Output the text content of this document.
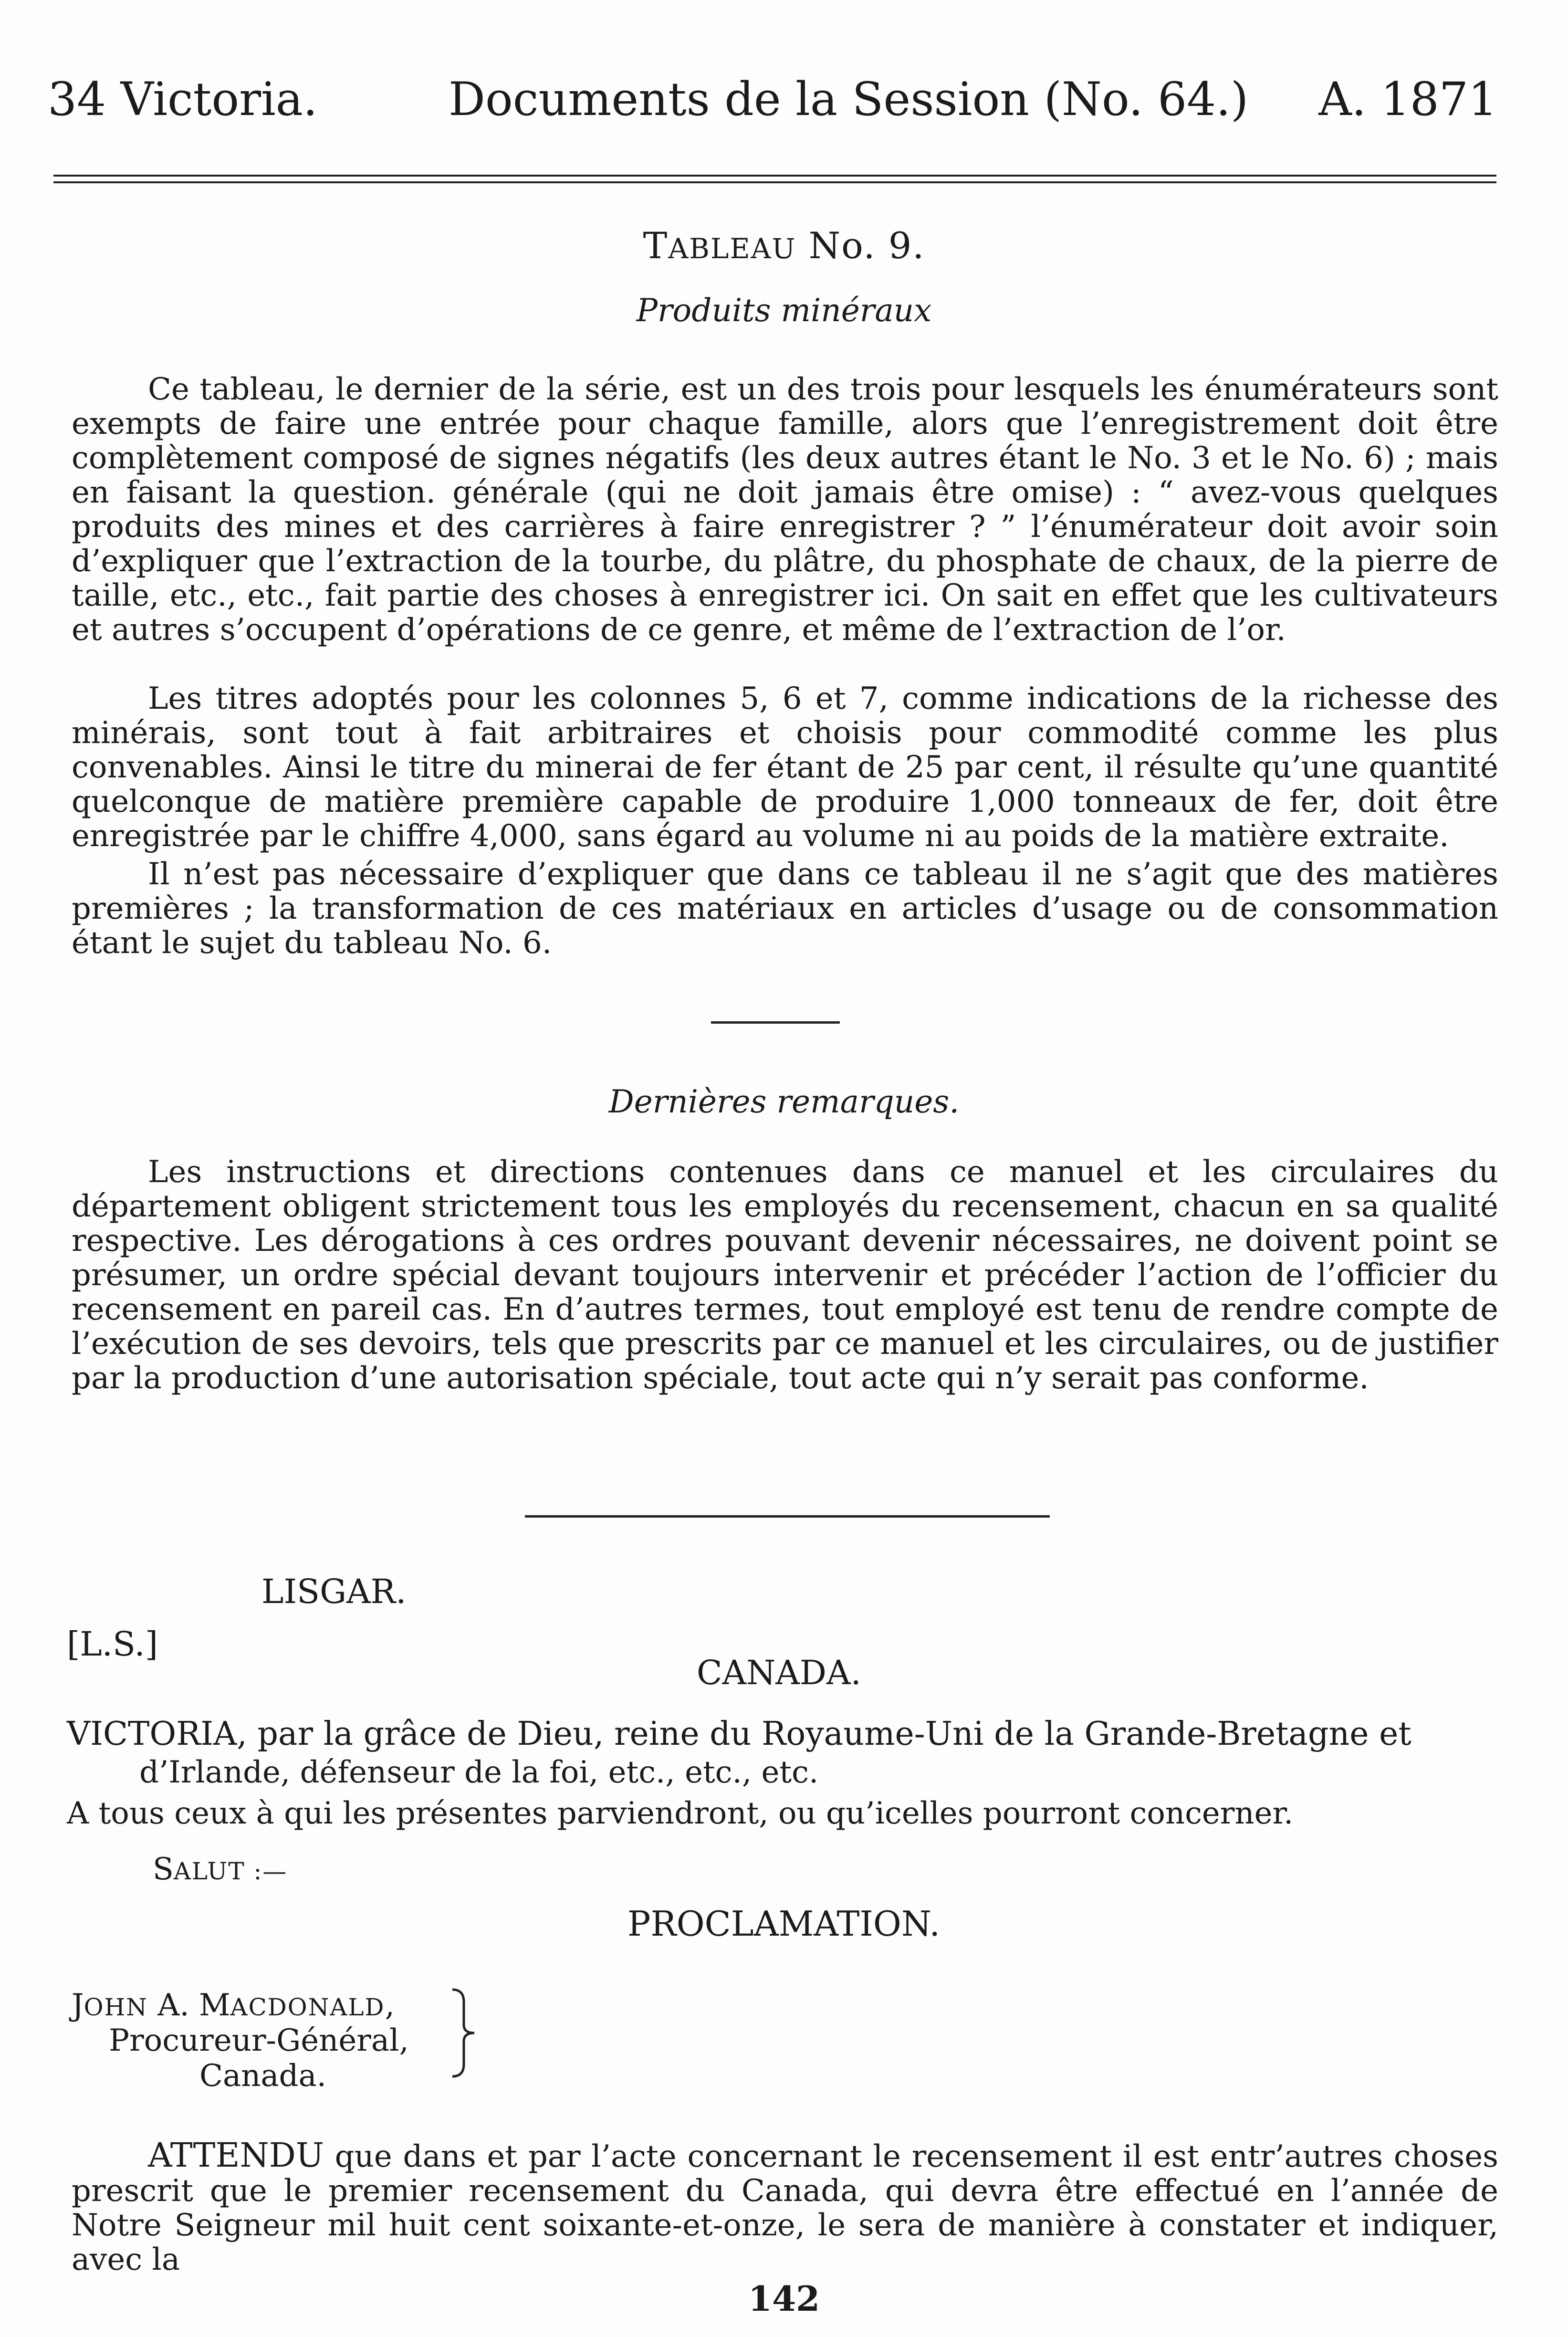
34 Victoria.	Documents de la Session (No. 64.) A. 1871
TABLEAU No. 9.
Produits minéraux

Ce tableau, le dernier de la série, est un des trois pour lesquels les énumérateurs sont exempts de faire une entrée pour chaque famille, alors que l’enregistrement doit être complètement composé de signes négatifs (les deux autres étant le No. 3 et le No. 6) ; mais en faisant la question. générale (qui ne doit jamais être omise) : “ avez-vous quelques produits des mines et des carrières à faire enregistrer ? ” l’énumérateur doit avoir soin d’expliquer que l’extraction de la tourbe, du plâtre, du phosphate de chaux, de la pierre de taille, etc., etc., fait partie des choses à enregistrer ici. On sait en effet que les cultivateurs et autres s’occupent d’opérations de ce genre, et même de l’extraction de l’or.

Les titres adoptés pour les colonnes 5, 6 et 7, comme indications de la richesse des minérais, sont tout à fait arbitraires et choisis pour commodité comme les plus convenables. Ainsi le titre du minerai de fer étant de 25 par cent, il résulte qu’une quantité quelconque de matière première capable de produire 1,000 tonneaux de fer, doit être enregistrée par le chiffre 4,000, sans égard au volume ni au poids de la matière extraite.

Il n’est pas nécessaire d’expliquer que dans ce tableau il ne s’agit que des matières premières ; la transformation de ces matériaux en articles d’usage ou de consommation étant le sujet du tableau No. 6.

Dernières remarques.

Les instructions et directions contenues dans ce manuel et les circulaires du département obligent strictement tous les employés du recensement, chacun en sa qualité respective. Les dérogations à ces ordres pouvant devenir nécessaires, ne doivent point se présumer, un ordre spécial devant toujours intervenir et précéder l’action de l’officier du recensement en pareil cas. En d’autres termes, tout employé est tenu de rendre compte de l’exécution de ses devoirs, tels que prescrits par ce manuel et les circulaires, ou de justifier par la production d’une autorisation spéciale, tout acte qui n’y serait pas conforme.

LISGAR.
[L.S.]
CANADA.
VICTORIA, par la grâce de Dieu, reine du Royaume-Uni de la Grande-Bretagne et
d’Irlande, défenseur de la foi, etc., etc., etc.
A tous ceux à qui les présentes parviendront, ou qu’icelles pourront concerner.
SALUT :—
PROCLAMATION.
JOHN A. MACDONALD,
Procureur-Général,
Canada.

ATTENDU que dans et par l’acte concernant le recensement il est entr’autres choses prescrit que le premier recensement du Canada, qui devra être effectué en l’année de Notre Seigneur mil huit cent soixante-et-onze, le sera de manière à constater et indiquer, avec la

142
